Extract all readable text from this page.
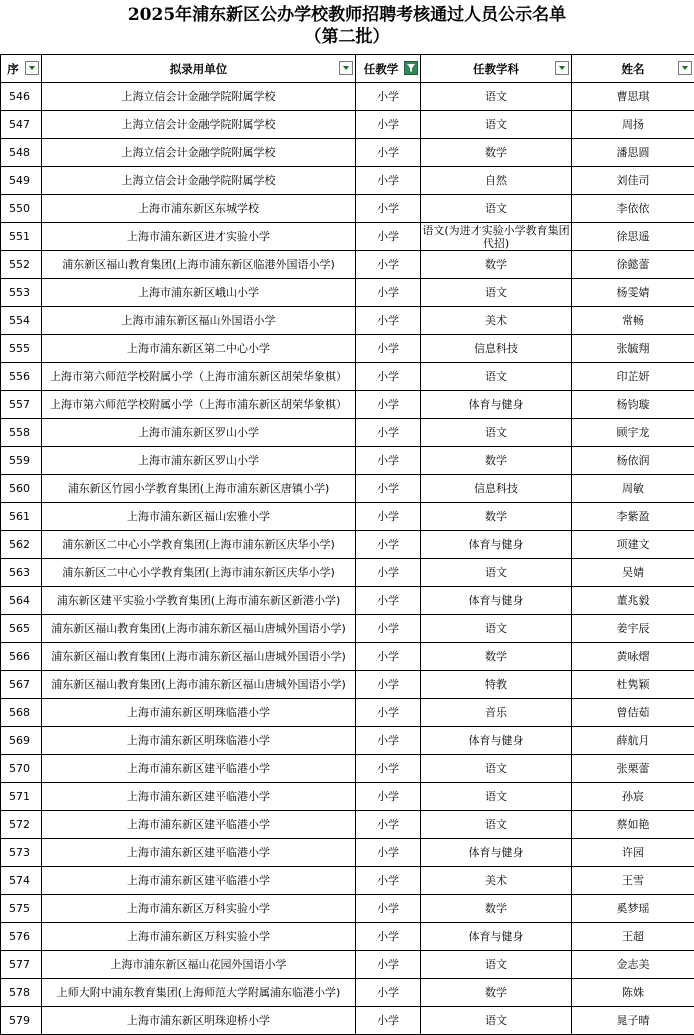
2025年浦东新区公办学校教师招聘考核通过人员公示名单
（第二批）
序	拟录用单位	任教学	任教学科	姓名

546	上海立信会计金融学院附属学校	小学	语文	曹思琪
547	上海立信会计金融学院附属学校	小学	语文	周扬
548	上海立信会计金融学院附属学校	小学	数学	潘思圆
549	上海立信会计金融学院附属学校	小学	自然	刘佳司
550	上海市浦东新区东城学校	小学	语文	李依依
551	上海市浦东新区进才实验小学	小学	语文(为进才实验小学教育集团代招)	徐思遥
552	浦东新区福山教育集团(上海市浦东新区临港外国语小学)	小学	数学	徐懿蕾
553	上海市浦东新区峨山小学	小学	语文	杨雯婧
554	上海市浦东新区福山外国语小学	小学	美术	常畅
555	上海市浦东新区第二中心小学	小学	信息科技	张毓翔
556	上海市第六师范学校附属小学（上海市浦东新区胡荣华象棋）	小学	语文	印芷妍
557	上海市第六师范学校附属小学（上海市浦东新区胡荣华象棋）	小学	体育与健身	杨钧璇
558	上海市浦东新区罗山小学	小学	语文	顾宇龙
559	上海市浦东新区罗山小学	小学	数学	杨依润
560	浦东新区竹园小学教育集团(上海市浦东新区唐镇小学)	小学	信息科技	周敏
561	上海市浦东新区福山宏雅小学	小学	数学	李紫盈
562	浦东新区二中心小学教育集团(上海市浦东新区庆华小学)	小学	体育与健身	项建文
563	浦东新区二中心小学教育集团(上海市浦东新区庆华小学)	小学	语文	吴婧
564	浦东新区建平实验小学教育集团(上海市浦东新区新港小学)	小学	体育与健身	董兆毅
565	浦东新区福山教育集团(上海市浦东新区福山唐城外国语小学)	小学	语文	姜宇辰
566	浦东新区福山教育集团(上海市浦东新区福山唐城外国语小学)	小学	数学	黄咏熠
567	浦东新区福山教育集团(上海市浦东新区福山唐城外国语小学)	小学	特教	杜隽颖
568	上海市浦东新区明珠临港小学	小学	音乐	曾佶茹
569	上海市浦东新区明珠临港小学	小学	体育与健身	薛航月
570	上海市浦东新区建平临港小学	小学	语文	张栗蕾
571	上海市浦东新区建平临港小学	小学	语文	孙宸
572	上海市浦东新区建平临港小学	小学	语文	蔡如艳
573	上海市浦东新区建平临港小学	小学	体育与健身	许园
574	上海市浦东新区建平临港小学	小学	美术	王雪
575	上海市浦东新区万科实验小学	小学	数学	奚梦瑶
576	上海市浦东新区万科实验小学	小学	体育与健身	王超
577	上海市浦东新区福山花园外国语小学	小学	语文	金志美
578	上师大附中浦东教育集团(上海师范大学附属浦东临港小学)	小学	数学	陈姝
579	上海市浦东新区明珠迎桥小学	小学	语文	晁子晴
